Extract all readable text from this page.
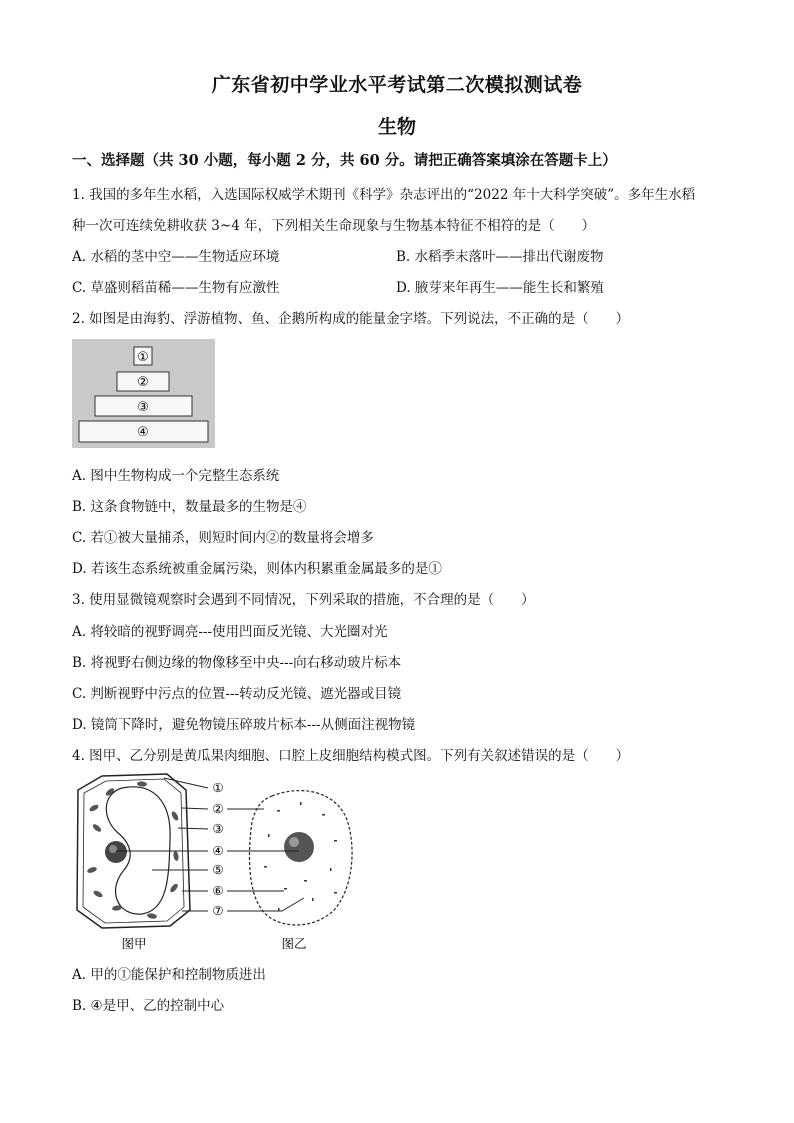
广东省初中学业水平考试第二次模拟测试卷
生物
一、选择题（共 30 小题，每小题 2 分，共 60 分。请把正确答案填涂在答题卡上）
1. 我国的多年生水稻，入选国际权威学术期刊《科学》杂志评出的“2022 年十大科学突破”。多年生水稻
种一次可连续免耕收获 3~4 年，下列相关生命现象与生物基本特征不相符的是（　　）
A. 水稻的茎中空——生物适应环境	B. 水稻季末落叶——排出代谢废物
C. 草盛则稻苗稀——生物有应激性	D. 腋芽来年再生——能生长和繁殖
2. 如图是由海豹、浮游植物、鱼、企鹅所构成的能量金字塔。下列说法，不正确的是（　　）
①
②
③
④
A. 图中生物构成一个完整生态系统
B. 这条食物链中，数量最多的生物是④
C. 若①被大量捕杀，则短时间内②的数量将会增多
D. 若该生态系统被重金属污染，则体内积累重金属最多的是①
3. 使用显微镜观察时会遇到不同情况，下列采取的措施，不合理的是（　　）
A. 将较暗的视野调亮---使用凹面反光镜、大光圈对光
B. 将视野右侧边缘的物像移至中央---向右移动玻片标本
C. 判断视野中污点的位置---转动反光镜、遮光器或目镜
D. 镜筒下降时，避免物镜压碎玻片标本---从侧面注视物镜
4. 图甲、乙分别是黄瓜果肉细胞、口腔上皮细胞结构模式图。下列有关叙述错误的是（　　）
①
②
③
④
⑤
⑥
⑦
图甲	图乙
A. 甲的①能保护和控制物质进出
B. ④是甲、乙的控制中心
